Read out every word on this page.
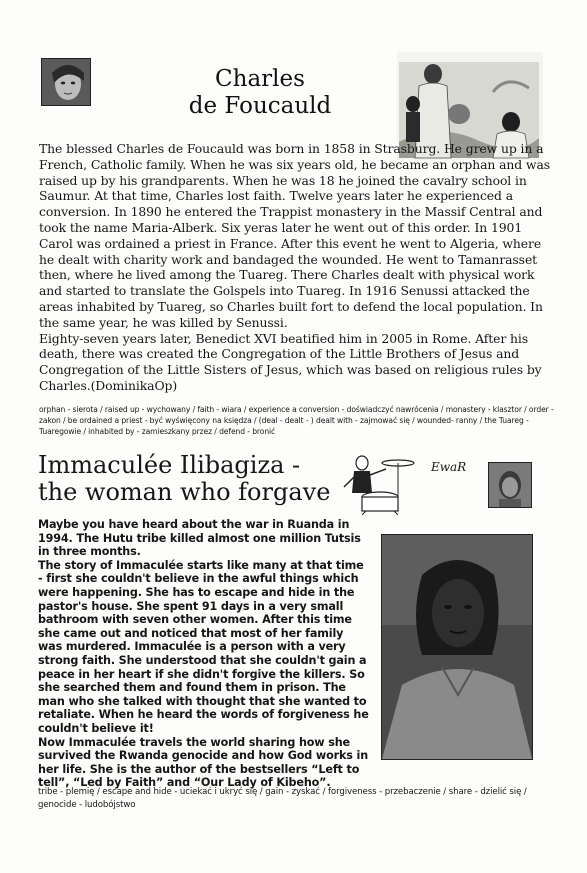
Charles
de Foucauld

The blessed Charles de Foucauld was born in 1858 in Strasburg. He grew up in a French, Catholic family. When he was six years old, he became an orphan and was raised up by his grandparents. When he was 18 he joined the cavalry school in Saumur. At that time, Charles lost faith. Twelve years later he experienced a conversion. In 1890 he entered the Trappist monastery in the Massif Central and took the name Maria-Alberk. Six yeras later he went out of this order. In 1901 Carol was ordained a priest in France. After this event he went to Algeria, where he dealt with charity work and bandaged the wounded. He went to Tamanrasset then, where he lived among the Tuareg. There Charles dealt with physical work and started to translate the Golspels into Tuareg. In 1916 Senussi attacked the areas inhabited by Tuareg, so Charles built fort to defend the local population. In the same year, he was killed by Senussi.

Eighty-seven years later, Benedict XVI beatified him in 2005 in Rome. After his death, there was created the Congregation of the Little Brothers of Jesus and Congregation of the Little Sisters of Jesus, which was based on religious rules by Charles.(DominikaOp)

orphan - sierota / raised up - wychowany / faith - wiara / experience a conversion - doświadczyć nawrócenia / monastery - klasztor / order - zakon / be ordained a priest - być wyświęcony na księdza / (deal - dealt - ) dealt with - zajmować się / wounded- ranny / the Tuareg - Tuaregowie / inhabited by - zamieszkany przez / defend - bronić
Immaculée Ilibagiza -
the woman who forgave
EwaR

Maybe you have heard about the war in Ruanda in 1994. The Hutu tribe killed almost one million Tutsis in three months.

The story of Immaculée starts like many at that time - first she couldn't believe in the awful things which were happening. She has to escape and hide in the pastor's house. She spent 91 days in a very small bathroom with seven other women. After this time she came out and noticed that most of her family was murdered. Immaculée is a person with a very strong faith. She understood that she couldn't gain a peace in her heart if she didn't forgive the killers. So she searched them and found them in prison. The man who she talked with thought that she wanted to retaliate. When he heard the words of forgiveness he couldn't believe it!

Now Immaculée travels the world sharing how she survived the Rwanda genocide and how God works in her life. She is the author of the bestsellers “Left to tell”, “Led by Faith” and “Our Lady of Kibeho”.

tribe - plemię / escape and hide - uciekać i ukryć się / gain - zyskać / forgiveness - przebaczenie / share - dzielić się / genocide - ludobójstwo
